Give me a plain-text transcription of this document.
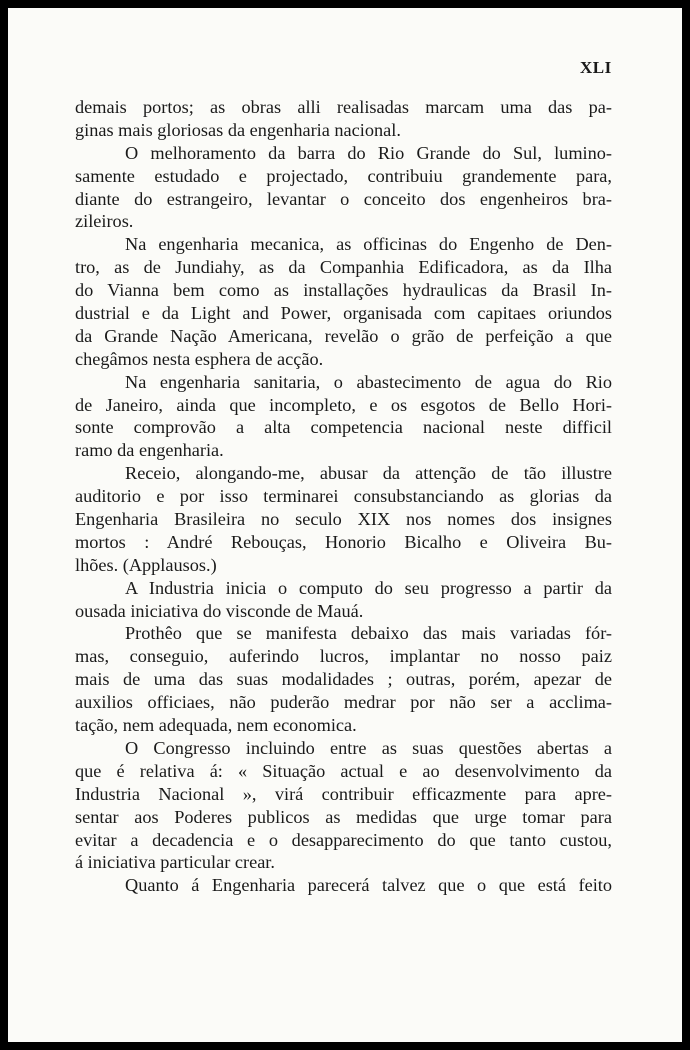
XLI
demais portos; as obras alli realisadas marcam uma das pa-
ginas mais gloriosas da engenharia nacional.
O melhoramento da barra do Rio Grande do Sul, lumino-
samente estudado e projectado, contribuiu grandemente para,
diante do estrangeiro, levantar o conceito dos engenheiros bra-
zileiros.
Na engenharia mecanica, as officinas do Engenho de Den-
tro, as de Jundiahy, as da Companhia Edificadora, as da Ilha
do Vianna bem como as installações hydraulicas da Brasil In-
dustrial e da Light and Power, organisada com capitaes oriundos
da Grande Nação Americana, revelão o grão de perfeição a que
chegâmos nesta esphera de acção.
Na engenharia sanitaria, o abastecimento de agua do Rio
de Janeiro, ainda que incompleto, e os esgotos de Bello Hori-
sonte comprovão a alta competencia nacional neste difficil
ramo da engenharia.
Receio, alongando-me, abusar da attenção de tão illustre
auditorio e por isso terminarei consubstanciando as glorias da
Engenharia Brasileira no seculo XIX nos nomes dos insignes
mortos : André Rebouças, Honorio Bicalho e Oliveira Bu-
lhões. (Applausos.)
A Industria inicia o computo do seu progresso a partir da
ousada iniciativa do visconde de Mauá.
Prothêo que se manifesta debaixo das mais variadas fór-
mas, conseguio, auferindo lucros, implantar no nosso paiz
mais de uma das suas modalidades ; outras, porém, apezar de
auxilios officiaes, não puderão medrar por não ser a acclima-
tação, nem adequada, nem economica.
O Congresso incluindo entre as suas questões abertas a
que é relativa á: « Situação actual e ao desenvolvimento da
Industria Nacional », virá contribuir efficazmente para apre-
sentar aos Poderes publicos as medidas que urge tomar para
evitar a decadencia e o desapparecimento do que tanto custou,
á iniciativa particular crear.
Quanto á Engenharia parecerá talvez que o que está feito
